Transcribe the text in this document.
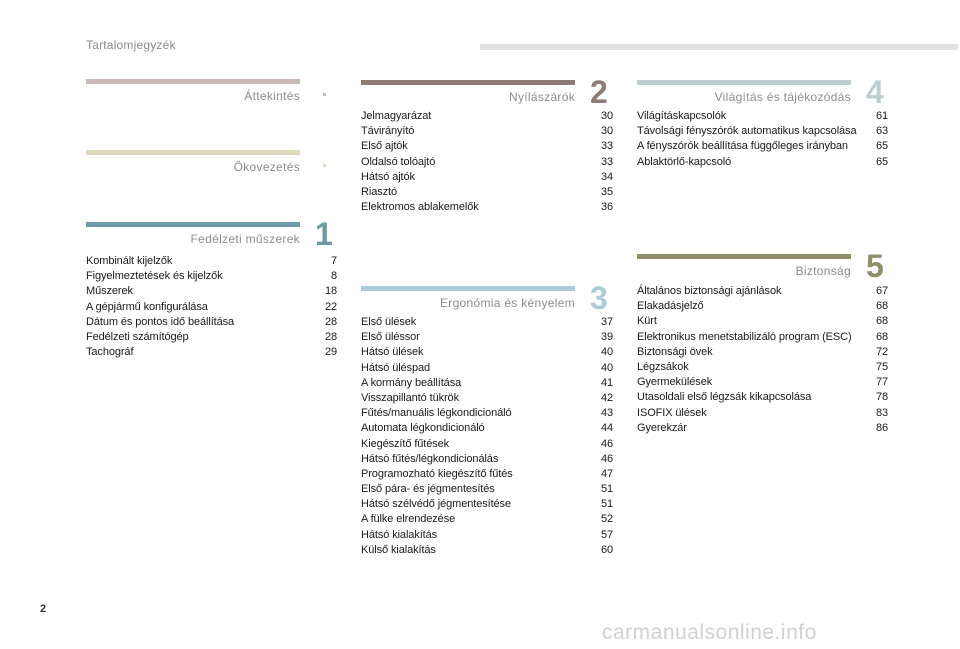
Tartalomjegyzék
Áttekintés
Ökovezetés
Fedélzeti műszerek 1
Kombinált kijelzők	7
Figyelmeztetések és kijelzők	8
Műszerek	18
A gépjármű konfigurálása	22
Dátum és pontos idő beállítása	28
Fedélzeti számítógép	28
Tachográf	29
Nyílászárók 2
Jelmagyarázat	30
Távirányító	30
Első ajtók	33
Oldalsó tolóajtó	33
Hátsó ajtók	34
Riasztó	35
Elektromos ablakemelők	36
Ergonómia és kényelem 3
Első ülések	37
Első üléssor	39
Hátsó ülések	40
Hátsó üléspad	40
A kormány beállítása	41
Visszapillantó tükrök	42
Fűtés/manuális légkondicionáló	43
Automata légkondicionáló	44
Kiegészítő fűtések	46
Hátsó fűtés/légkondicionálás	46
Programozható kiegészítő fűtés	47
Első pára- és jégmentesítés	51
Hátsó szélvédő jégmentesítése	51
A fülke elrendezése	52
Hátsó kialakítás	57
Külső kialakítás	60
Világítás és tájékozódás 4
Világításkapcsolók	61
Távolsági fényszórók automatikus kapcsolása 63
A fényszórók beállítása függőleges irányban	65
Ablaktörlő-kapcsoló	65
Biztonság 5
Általános biztonsági ajánlások	67
Elakadásjelző	68
Kürt	68
Elektronikus menetstabilizáló program (ESC) 68
Biztonsági övek	72
Légzsákok	75
Gyermekülések	77
Utasoldali első légzsák kikapcsolása	78
ISOFIX ülések	83
Gyerekzár	86
2
carmanualsonline.info
